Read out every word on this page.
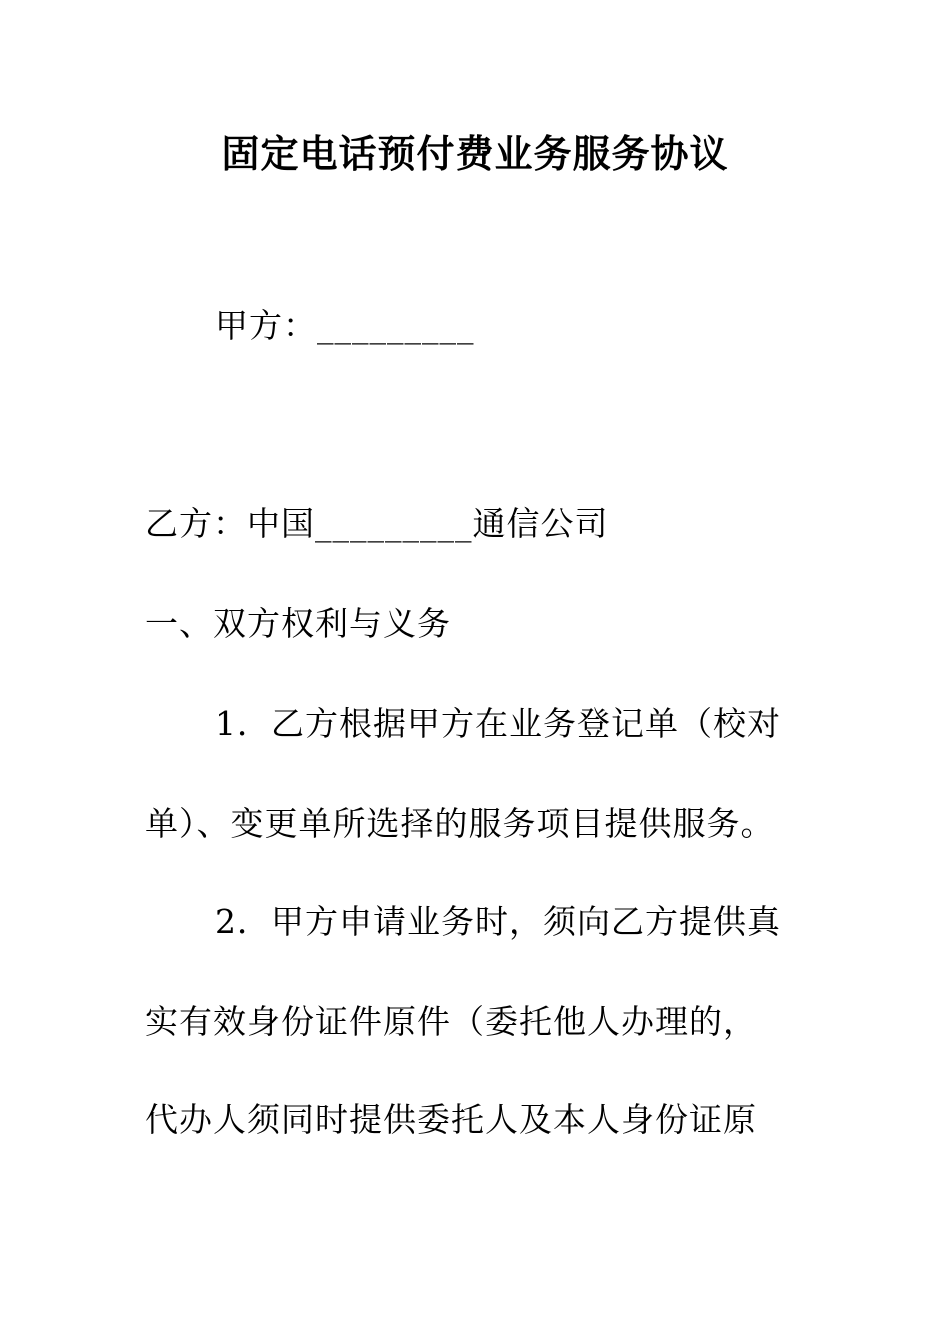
固定电话预付费业务服务协议
甲方：_________
乙方：中国_________通信公司
一、双方权利与义务
1．乙方根据甲方在业务登记单（校对
单）、变更单所选择的服务项目提供服务。
2．甲方申请业务时，须向乙方提供真
实有效身份证件原件（委托他人办理的，
代办人须同时提供委托人及本人身份证原
